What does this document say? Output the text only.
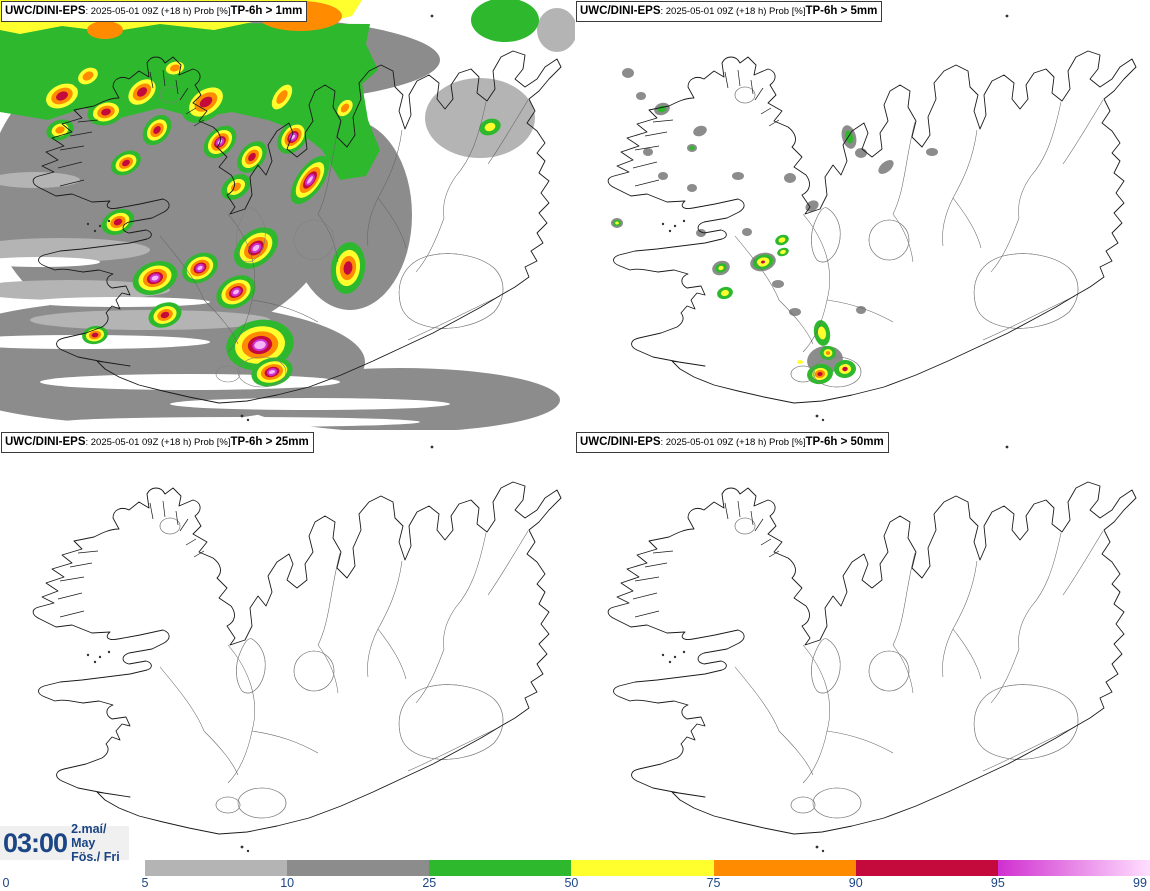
UWC/DINI-EPS: 2025-05-01 09Z (+18 h) Prob [%]TP-6h > 1mm	UWC/DINI-EPS: 2025-05-01 09Z (+18 h) Prob [%]TP-6h > 5mm
UWC/DINI-EPS: 2025-05-01 09Z (+18 h) Prob [%]TP-6h > 25mm	UWC/DINI-EPS: 2025-05-01 09Z (+18 h) Prob [%]TP-6h > 50mm
03:00 2.maí/ May
Fös./ Fri
0	5	10	25	50	75	90	95	99
